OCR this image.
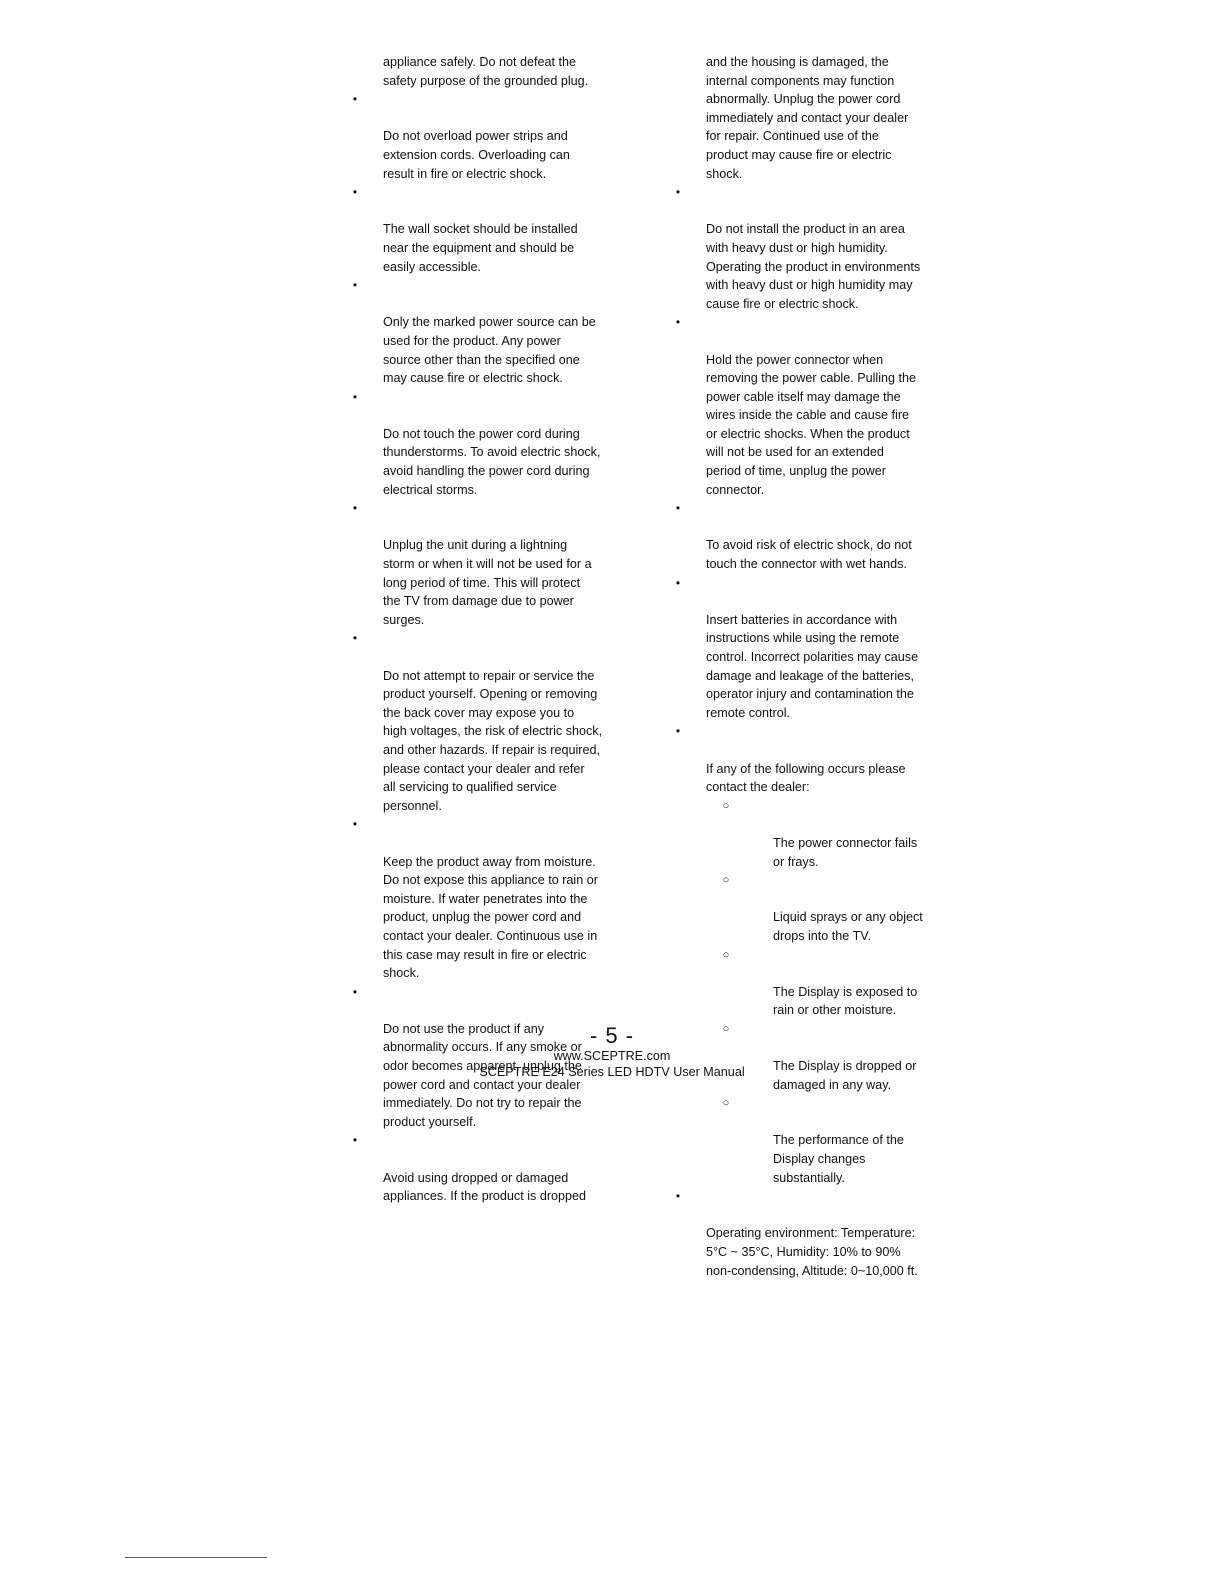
appliance safely. Do not defeat the
safety purpose of the grounded plug.

•

Do not overload power strips and
extension cords. Overloading can
result in fire or electric shock.

•

The wall socket should be installed
near the equipment and should be
easily accessible.

•

Only the marked power source can be
used for the product. Any power
source other than the specified one
may cause fire or electric shock.

•

Do not touch the power cord during
thunderstorms. To avoid electric shock,
avoid handling the power cord during
electrical storms.

•

Unplug the unit during a lightning
storm or when it will not be used for a
long period of time. This will protect
the TV from damage due to power
surges.

•

Do not attempt to repair or service the
product yourself. Opening or removing
the back cover may expose you to
high voltages, the risk of electric shock,
and other hazards. If repair is required,
please contact your dealer and refer
all servicing to qualified service
personnel.

•

Keep the product away from moisture.
Do not expose this appliance to rain or
moisture. If water penetrates into the
product, unplug the power cord and
contact your dealer. Continuous use in
this case may result in fire or electric
shock.

•

Do not use the product if any
abnormality occurs. If any smoke or
odor becomes apparent, unplug the
power cord and contact your dealer
immediately. Do not try to repair the
product yourself.

•

Avoid using dropped or damaged
appliances. If the product is dropped

and the housing is damaged, the
internal components may function
abnormally. Unplug the power cord
immediately and contact your dealer
for repair. Continued use of the
product may cause fire or electric
shock.

•

Do not install the product in an area
with heavy dust or high humidity.
Operating the product in environments
with heavy dust or high humidity may
cause fire or electric shock.

•

Hold the power connector when
removing the power cable. Pulling the
power cable itself may damage the
wires inside the cable and cause fire
or electric shocks. When the product
will not be used for an extended
period of time, unplug the power
connector.

•

To avoid risk of electric shock, do not
touch the connector with wet hands.

•

Insert batteries in accordance with
instructions while using the remote
control. Incorrect polarities may cause
damage and leakage of the batteries,
operator injury and contamination the
remote control.

•

If any of the following occurs please
contact the dealer:

○

The power connector fails
or frays.

○

Liquid sprays or any object
drops into the TV.

○

The Display is exposed to
rain or other moisture.

○

The Display is dropped or
damaged in any way.

○

The performance of the
Display changes
substantially.

•

Operating environment: Temperature:
5°C ~ 35°C, Humidity: 10% to 90%
non-condensing, Altitude: 0~10,000 ft.

- 5 -
www.SCEPTRE.com
SCEPTRE E24 Series LED HDTV User Manual
